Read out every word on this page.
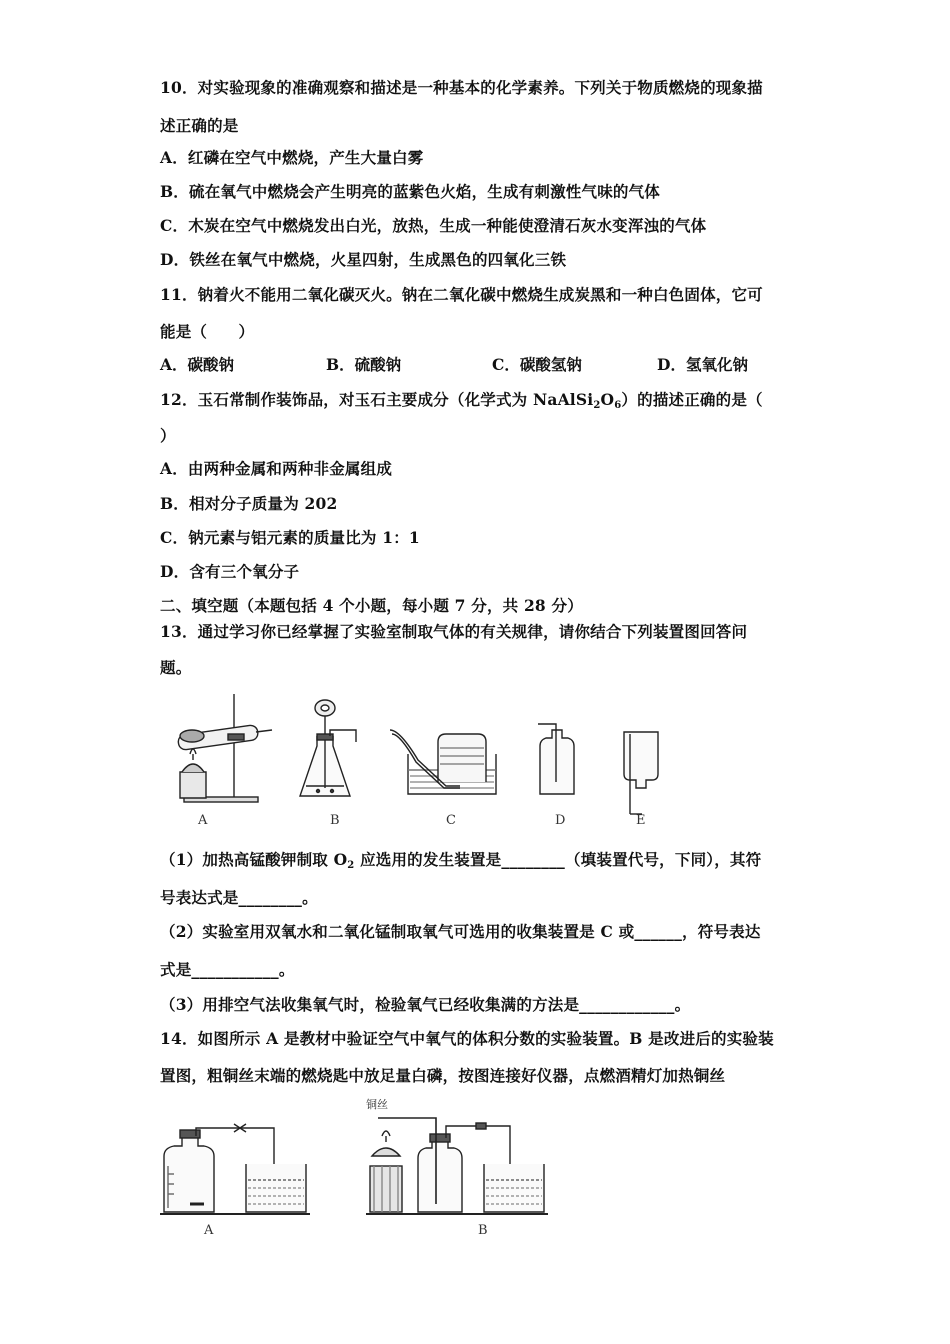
10．对实验现象的准确观察和描述是一种基本的化学素养。下列关于物质燃烧的现象描
述正确的是
A．红磷在空气中燃烧，产生大量白雾
B．硫在氧气中燃烧会产生明亮的蓝紫色火焰，生成有刺激性气味的气体
C．木炭在空气中燃烧发出白光，放热，生成一种能使澄清石灰水变浑浊的气体
D．铁丝在氧气中燃烧，火星四射，生成黑色的四氧化三铁
11．钠着火不能用二氧化碳灭火。钠在二氧化碳中燃烧生成炭黑和一种白色固体，它可
能是（　　）
A．碳酸钠	B．硫酸钠	C．碳酸氢钠	D．氢氧化钠
12．玉石常制作装饰品，对玉石主要成分（化学式为 $NaAlSi_2O_6$）的描述正确的是（
）
A．由两种金属和两种非金属组成
B．相对分子质量为 202
C．钠元素与铝元素的质量比为 1：1
D．含有三个氧分子
二、填空题（本题包括 4 个小题，每小题 7 分，共 28 分）
13．通过学习你已经掌握了实验室制取气体的有关规律，请你结合下列装置图回答问
题。
A	B	C	D	E
（1）加热高锰酸钾制取 $O_2$ 应选用的发生装置是________（填装置代号，下同），其符
号表达式是________。
（2）实验室用双氧水和二氧化锰制取氧气可选用的收集装置是 C 或______，符号表达
式是___________。
（3）用排空气法收集氧气时，检验氧气已经收集满的方法是____________。
14．如图所示 A 是教材中验证空气中氧气的体积分数的实验装置。B 是改进后的实验装
置图，粗铜丝末端的燃烧匙中放足量白磷，按图连接好仪器，点燃酒精灯加热铜丝
铜丝
A	B
